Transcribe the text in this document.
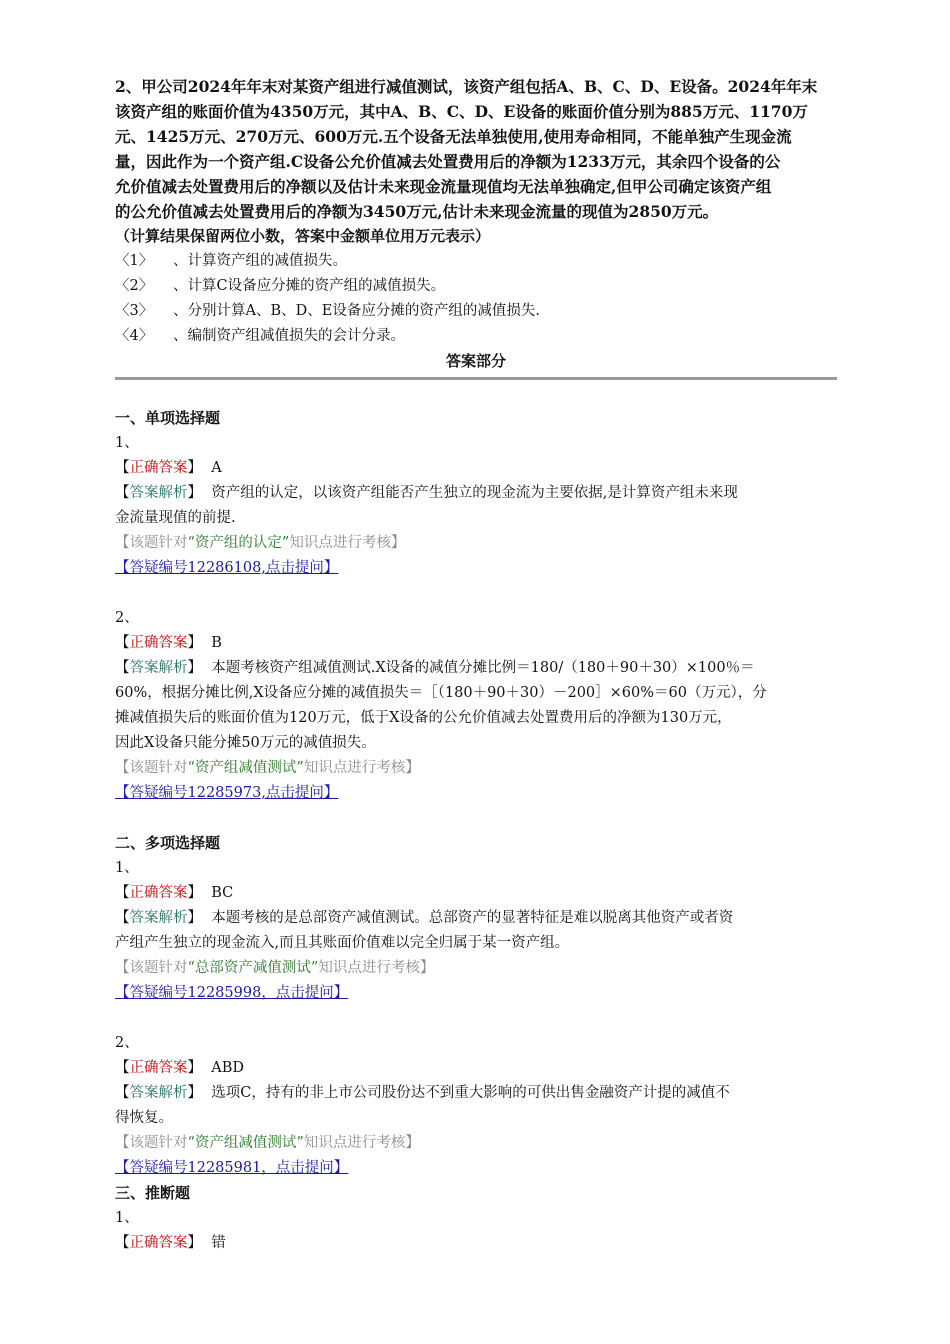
2、甲公司2024年年末对某资产组进行减值测试，该资产组包括A、B、C、D、E设备。2024年年末

该资产组的账面价值为4350万元，其中A、B、C、D、E设备的账面价值分别为885万元、1170万

元、1425万元、270万元、600万元.五个设备无法单独使用,使用寿命相同，不能单独产生现金流

量，因此作为一个资产组.C设备公允价值减去处置费用后的净额为1233万元，其余四个设备的公

允价值减去处置费用后的净额以及估计未来现金流量现值均无法单独确定,但甲公司确定该资产组

的公允价值减去处置费用后的净额为3450万元,估计未来现金流量的现值为2850万元。

（计算结果保留两位小数，答案中金额单位用万元表示）

〈1〉 、计算资产组的减值损失。

〈2〉 、计算C设备应分摊的资产组的减值损失。

〈3〉 、分别计算A、B、D、E设备应分摊的资产组的减值损失.

〈4〉 、编制资产组减值损失的会计分录。

答案部分

一、单项选择题

1、

【正确答案】 A

【答案解析】 资产组的认定，以该资产组能否产生独立的现金流为主要依据,是计算资产组未来现

金流量现值的前提.

【该题针对“资产组的认定”知识点进行考核】

【答疑编号12286108,点击提问】

2、

【正确答案】 B

【答案解析】 本题考核资产组减值测试.X设备的减值分摊比例＝180/（180＋90＋30）×100％＝

60%，根据分摊比例,X设备应分摊的减值损失＝［（180＋90＋30）－200］×60%＝60（万元），分

摊减值损失后的账面价值为120万元，低于X设备的公允价值减去处置费用后的净额为130万元，

因此X设备只能分摊50万元的减值损失。

【该题针对“资产组减值测试”知识点进行考核】

【答疑编号12285973,点击提问】

二、多项选择题

1、

【正确答案】 BC

【答案解析】 本题考核的是总部资产减值测试。总部资产的显著特征是难以脱离其他资产或者资

产组产生独立的现金流入,而且其账面价值难以完全归属于某一资产组。

【该题针对“总部资产减值测试”知识点进行考核】

【答疑编号12285998，点击提问】

2、

【正确答案】 ABD

【答案解析】 选项C，持有的非上市公司股份达不到重大影响的可供出售金融资产计提的减值不

得恢复。

【该题针对“资产组减值测试”知识点进行考核】

【答疑编号12285981，点击提问】

三、推断题

1、

【正确答案】 错
